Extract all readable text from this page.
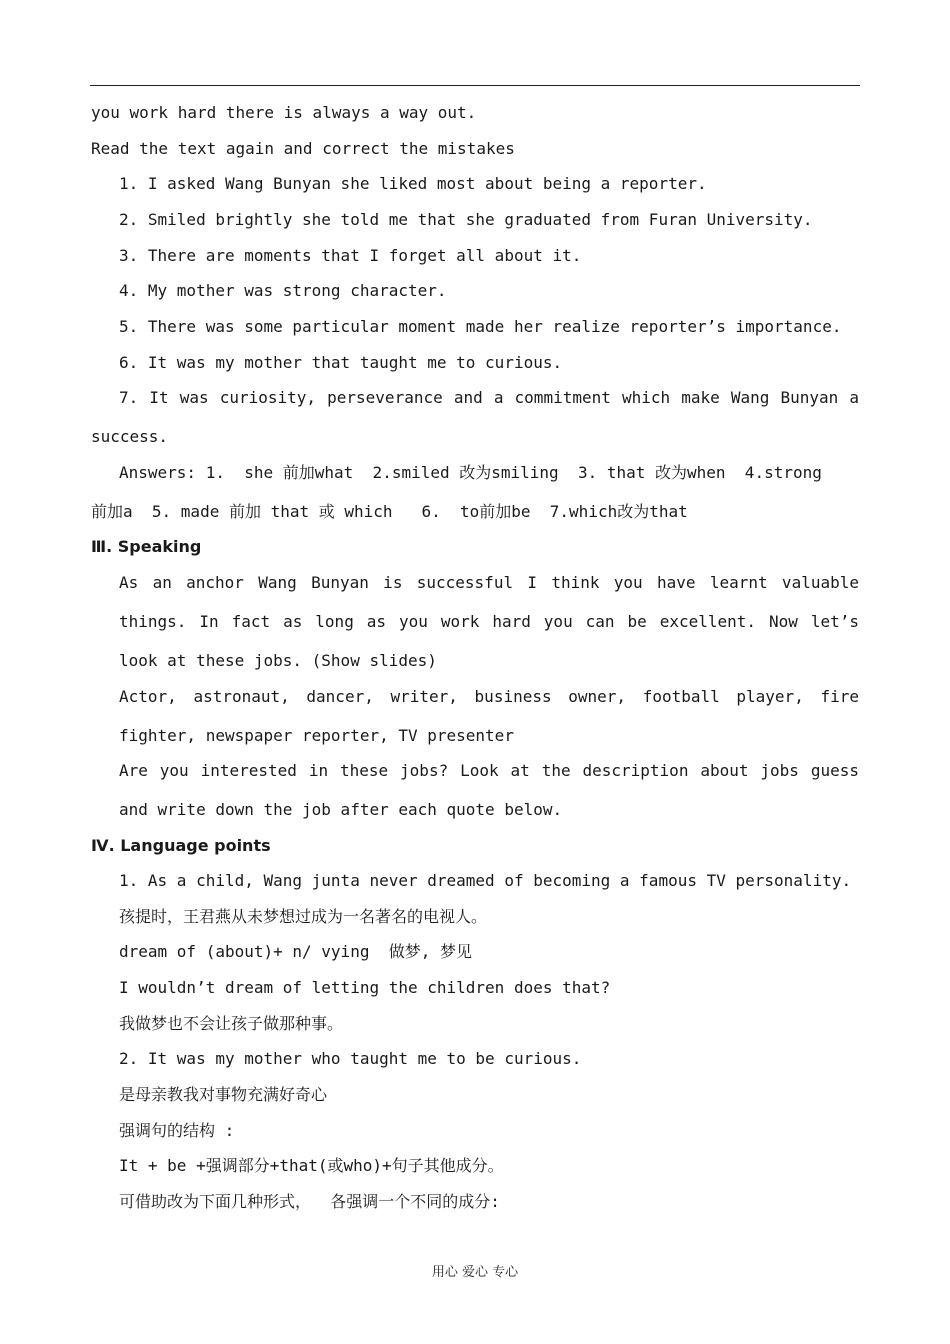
you work hard there is always a way out.
Read the text again and correct the mistakes
1. I asked Wang Bunyan she liked most about being a reporter.
2. Smiled brightly she told me that she graduated from Furan University.
3. There are moments that I forget all about it.
4. My mother was strong character.
5. There was some particular moment made her realize reporter’s importance.
6. It was my mother that taught me to curious.
7. It was curiosity, perseverance and a commitment which make Wang Bunyan a
success.
Answers: 1.  she 前加what  2.smiled 改为smiling  3. that 改为when  4.strong
前加a  5. made 前加 that 或 which   6.  to前加be  7.which改为that
Ⅲ. Speaking
As an anchor Wang Bunyan is successful I think you have learnt valuable
things. In fact as long as you work hard you can be excellent. Now let’s
look at these jobs. (Show slides)
Actor, astronaut, dancer, writer, business owner, football player, fire
fighter, newspaper reporter, TV presenter
Are you interested in these jobs? Look at the description about jobs guess
and write down the job after each quote below.
Ⅳ. Language points
1. As a child, Wang junta never dreamed of becoming a famous TV personality.
孩提时，王君燕从未梦想过成为一名著名的电视人。
dream of (about)+ n/ vying  做梦, 梦见
I wouldn’t dream of letting the children does that?
我做梦也不会让孩子做那种事。
2. It was my mother who taught me to be curious.
是母亲教我对事物充满好奇心
强调句的结构 :
It + be +强调部分+that(或who)+句子其他成分。
可借助改为下面几种形式，  各强调一个不同的成分:
用心 爱心 专心
